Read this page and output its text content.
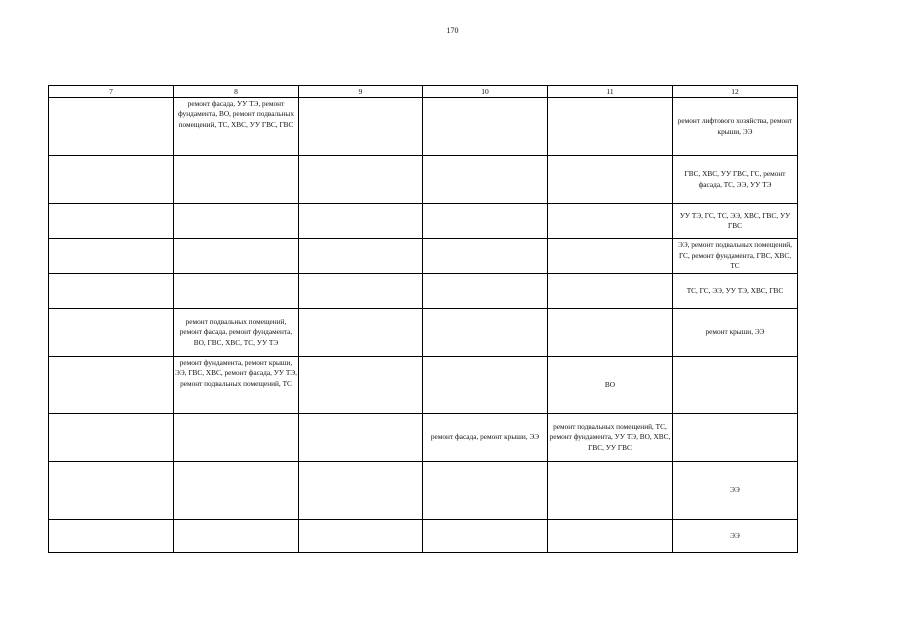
170
7	8	9	10	11	12
	ремонт фасада, УУ ТЭ, ремонт фундамента, ВО, ремонт подвальных помещений, ТС, ХВС, УУ ГВС, ГВС				ремонт лифтового хозяйства, ремонт крыши, ЭЭ
					ГВС, ХВС, УУ ГВС, ГС, ремонт фасада, ТС, ЭЭ, УУ ТЭ
					УУ ТЭ, ГС, ТС, ЭЭ, ХВС, ГВС, УУ ГВС
					ЭЭ, ремонт подвальных помещений, ГС, ремонт фундамента, ГВС, ХВС, ТС
					ТС, ГС, ЭЭ, УУ ТЭ, ХВС, ГВС
	ремонт подвальных помещений, ремонт фасада, ремонт фундамента, ВО, ГВС, ХВС, ТС, УУ ТЭ				ремонт крыши, ЭЭ
	ремонт фундамента, ремонт крыши, ЭЭ, ГВС, ХВС, ремонт фасада, УУ ТЭ, ремонт подвальных помещений, ТС			ВО	
			ремонт фасада, ремонт крыши, ЭЭ	ремонт подвальных помещений, ТС, ремонт фундамента, УУ ТЭ, ВО, ХВС, ГВС, УУ ГВС	
					ЭЭ
					ЭЭ
